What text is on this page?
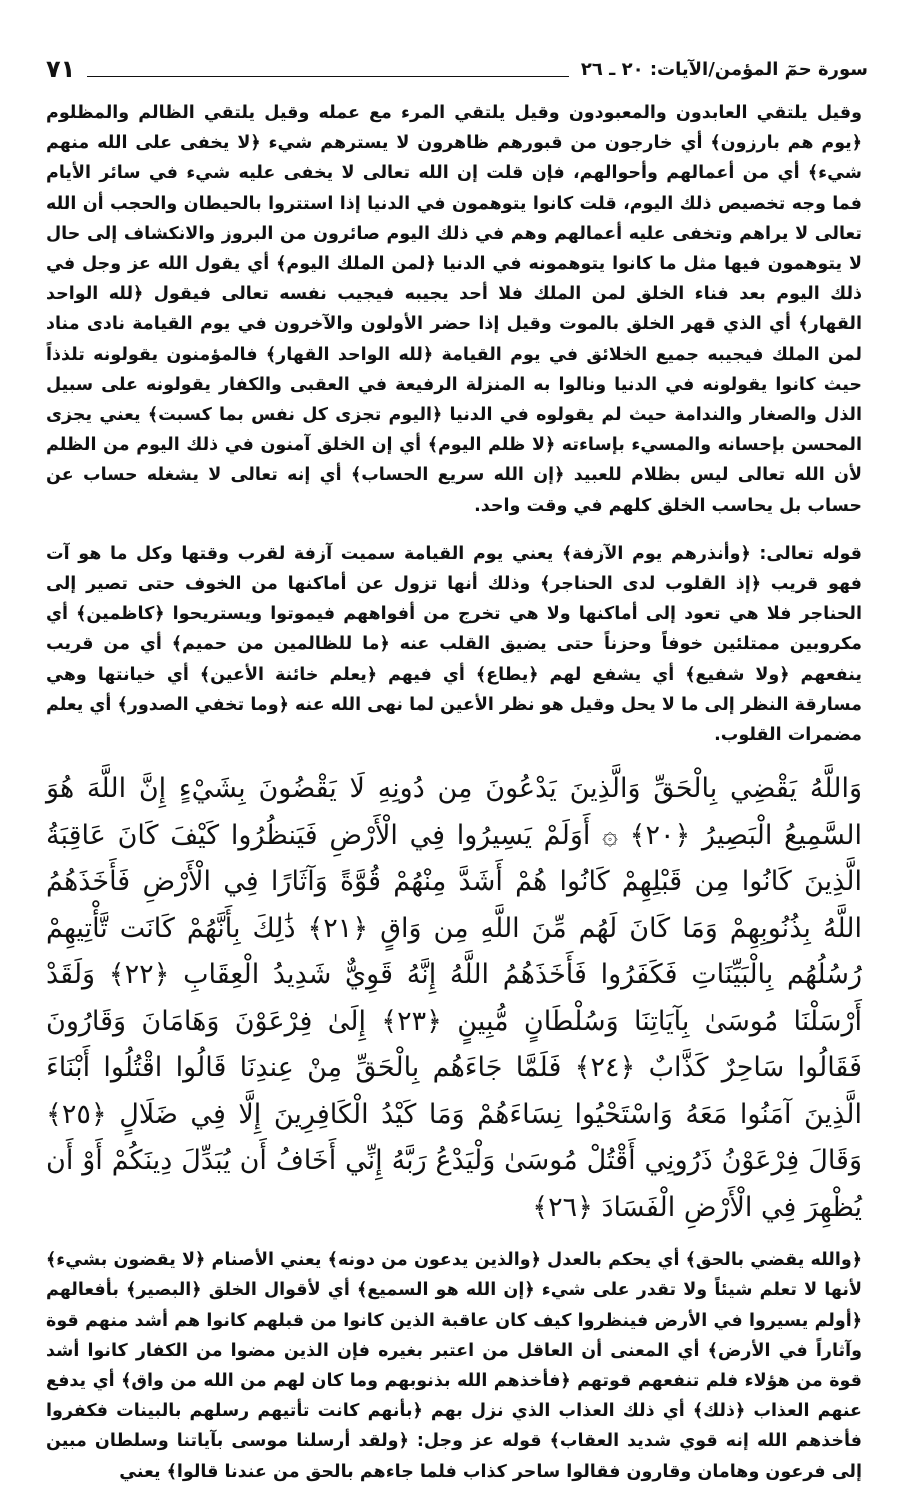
٧١	سورة حمٓ المؤمن/الآيات: ٢٠ ـ ٢٦

وقيل يلتقي العابدون والمعبودون وقيل يلتقي المرء مع عمله وقيل يلتقي الظالم والمظلوم ﴿يوم هم بارزون﴾ أي خارجون من قبورهم ظاهرون لا يسترهم شيء ﴿لا يخفى على الله منهم شيء﴾ أي من أعمالهم وأحوالهم، فإن قلت إن الله تعالى لا يخفى عليه شيء في سائر الأيام فما وجه تخصيص ذلك اليوم، قلت كانوا يتوهمون في الدنيا إذا استتروا بالحيطان والحجب أن الله تعالى لا يراهم وتخفى عليه أعمالهم وهم في ذلك اليوم صائرون من البروز والانكشاف إلى حال لا يتوهمون فيها مثل ما كانوا يتوهمونه في الدنيا ﴿لمن الملك اليوم﴾ أي يقول الله عز وجل في ذلك اليوم بعد فناء الخلق لمن الملك فلا أحد يجيبه فيجيب نفسه تعالى فيقول ﴿لله الواحد القهار﴾ أي الذي قهر الخلق بالموت وقيل إذا حضر الأولون والآخرون في يوم القيامة نادى مناد لمن الملك فيجيبه جميع الخلائق في يوم القيامة ﴿لله الواحد القهار﴾ فالمؤمنون يقولونه تلذذاً حيث كانوا يقولونه في الدنيا ونالوا به المنزلة الرفيعة في العقبى والكفار يقولونه على سبيل الذل والصغار والندامة حيث لم يقولوه في الدنيا ﴿اليوم تجزى كل نفس بما كسبت﴾ يعني يجزى المحسن بإحسانه والمسيء بإساءته ﴿لا ظلم اليوم﴾ أي إن الخلق آمنون في ذلك اليوم من الظلم لأن الله تعالى ليس بظلام للعبيد ﴿إن الله سريع الحساب﴾ أي إنه تعالى لا يشغله حساب عن حساب بل يحاسب الخلق كلهم في وقت واحد.

قوله تعالى: ﴿وأنذرهم يوم الآزفة﴾ يعني يوم القيامة سميت آزفة لقرب وقتها وكل ما هو آت فهو قريب ﴿إذ القلوب لدى الحناجر﴾ وذلك أنها تزول عن أماكنها من الخوف حتى تصير إلى الحناجر فلا هي تعود إلى أماكنها ولا هي تخرج من أفواههم فيموتوا ويستريحوا ﴿كاظمين﴾ أي مكروبين ممتلئين خوفاً وحزناً حتى يضيق القلب عنه ﴿ما للظالمين من حميم﴾ أي من قريب ينفعهم ﴿ولا شفيع﴾ أي يشفع لهم ﴿يطاع﴾ أي فيهم ﴿يعلم خائنة الأعين﴾ أي خيانتها وهي مسارقة النظر إلى ما لا يحل وقيل هو نظر الأعين لما نهى الله عنه ﴿وما تخفي الصدور﴾ أي يعلم مضمرات القلوب.

وَاللَّهُ يَقْضِي بِالْحَقِّ وَالَّذِينَ يَدْعُونَ مِن دُونِهِ لَا يَقْضُونَ بِشَيْءٍ إِنَّ اللَّهَ هُوَ السَّمِيعُ الْبَصِيرُ ﴿٢٠﴾ ۞ أَوَلَمْ يَسِيرُوا فِي الْأَرْضِ فَيَنظُرُوا كَيْفَ كَانَ عَاقِبَةُ الَّذِينَ كَانُوا مِن قَبْلِهِمْ كَانُوا هُمْ أَشَدَّ مِنْهُمْ قُوَّةً وَآثَارًا فِي الْأَرْضِ فَأَخَذَهُمُ اللَّهُ بِذُنُوبِهِمْ وَمَا كَانَ لَهُم مِّنَ اللَّهِ مِن وَاقٍ ﴿٢١﴾ ذَٰلِكَ بِأَنَّهُمْ كَانَت تَّأْتِيهِمْ رُسُلُهُم بِالْبَيِّنَاتِ فَكَفَرُوا فَأَخَذَهُمُ اللَّهُ إِنَّهُ قَوِيٌّ شَدِيدُ الْعِقَابِ ﴿٢٢﴾ وَلَقَدْ أَرْسَلْنَا مُوسَىٰ بِآيَاتِنَا وَسُلْطَانٍ مُّبِينٍ ﴿٢٣﴾ إِلَىٰ فِرْعَوْنَ وَهَامَانَ وَقَارُونَ فَقَالُوا سَاحِرٌ كَذَّابٌ ﴿٢٤﴾ فَلَمَّا جَاءَهُم بِالْحَقِّ مِنْ عِندِنَا قَالُوا اقْتُلُوا أَبْنَاءَ الَّذِينَ آمَنُوا مَعَهُ وَاسْتَحْيُوا نِسَاءَهُمْ وَمَا كَيْدُ الْكَافِرِينَ إِلَّا فِي ضَلَالٍ ﴿٢٥﴾ وَقَالَ فِرْعَوْنُ ذَرُونِي أَقْتُلْ مُوسَىٰ وَلْيَدْعُ رَبَّهُ إِنِّي أَخَافُ أَن يُبَدِّلَ دِينَكُمْ أَوْ أَن يُظْهِرَ فِي الْأَرْضِ الْفَسَادَ ﴿٢٦﴾

﴿والله يقضي بالحق﴾ أي يحكم بالعدل ﴿والذين يدعون من دونه﴾ يعني الأصنام ﴿لا يقضون بشيء﴾ لأنها لا تعلم شيئاً ولا تقدر على شيء ﴿إن الله هو السميع﴾ أي لأقوال الخلق ﴿البصير﴾ بأفعالهم ﴿أولم يسيروا في الأرض فينظروا كيف كان عاقبة الذين كانوا من قبلهم كانوا هم أشد منهم قوة وآثاراً في الأرض﴾ أي المعنى أن العاقل من اعتبر بغيره فإن الذين مضوا من الكفار كانوا أشد قوة من هؤلاء فلم تنفعهم قوتهم ﴿فأخذهم الله بذنوبهم وما كان لهم من الله من واق﴾ أي يدفع عنهم العذاب ﴿ذلك﴾ أي ذلك العذاب الذي نزل بهم ﴿بأنهم كانت تأتيهم رسلهم بالبينات فكفروا فأخذهم الله إنه قوي شديد العقاب﴾ قوله عز وجل: ﴿ولقد أرسلنا موسى بآياتنا وسلطان مبين إلى فرعون وهامان وقارون فقالوا ساحر كذاب فلما جاءهم بالحق من عندنا قالوا﴾ يعني
